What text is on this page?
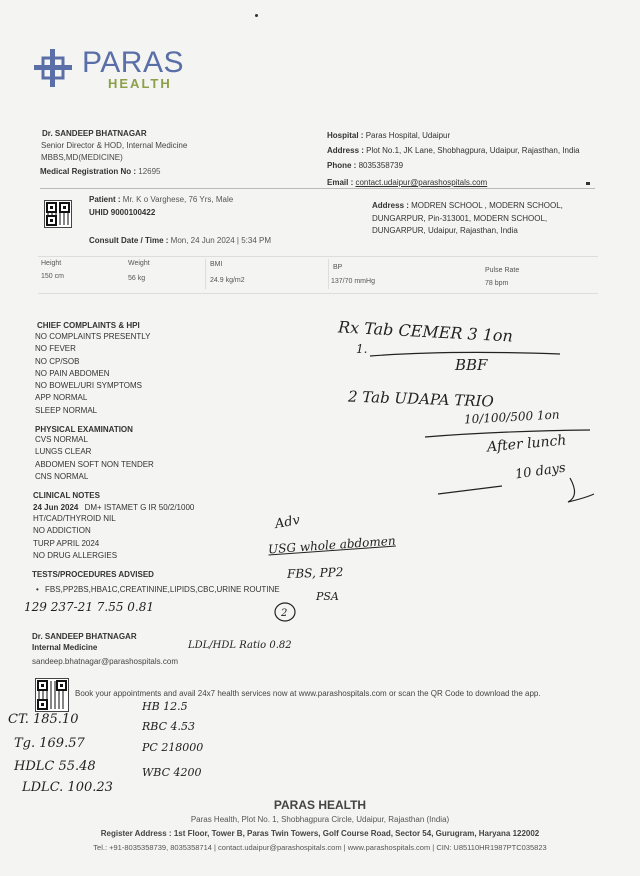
PARAS
HEALTH
Dr. SANDEEP BHATNAGAR
Senior Director & HOD, Internal Medicine
MBBS,MD(MEDICINE)
Medical Registration No : 12695
Hospital : Paras Hospital, Udaipur
Address : Plot No.1, JK Lane, Shobhagpura, Udaipur, Rajasthan, India
Phone : 8035358739
Email : contact.udaipur@parashospitals.com
Patient : Mr. K o Varghese, 76 Yrs, Male
UHID 9000100422
Consult Date / Time : Mon, 24 Jun 2024 | 5:34 PM
Address : MODREN SCHOOL , MODERN SCHOOL,
DUNGARPUR, Pin-313001, MODERN SCHOOL,
DUNGARPUR, Udaipur, Rajasthan, India
Height
150 cm
Weight
56 kg
BMI
24.9 kg/m2
BP
137/70 mmHg
Pulse Rate
78 bpm
CHIEF COMPLAINTS & HPI
NO COMPLAINTS PRESENTLY
NO FEVER
NO CP/SOB
NO PAIN ABDOMEN
NO BOWEL/URI SYMPTOMS
APP NORMAL
SLEEP NORMAL
PHYSICAL EXAMINATION
CVS NORMAL
LUNGS CLEAR
ABDOMEN SOFT NON TENDER
CNS NORMAL
CLINICAL NOTES
24 Jun 2024 DM+ ISTAMET G IR 50/2/1000
HT/CAD/THYROID NIL
NO ADDICTION
TURP APRIL 2024
NO DRUG ALLERGIES
TESTS/PROCEDURES ADVISED
• FBS,PP2BS,HBA1C,CREATININE,LIPIDS,CBC,URINE ROUTINE
Dr. SANDEEP BHATNAGAR
Internal Medicine
sandeep.bhatnagar@parashospitals.com
Book your appointments and avail 24x7 health services now at www.parashospitals.com or scan the QR Code to download the app.
PARAS HEALTH
Paras Health, Plot No. 1, Shobhagpura Circle, Udaipur, Rajasthan (India)
Register Address : 1st Floor, Tower B, Paras Twin Towers, Golf Course Road, Sector 54, Gurugram, Haryana 122002
Tel.: +91-8035358739, 8035358714 | contact.udaipur@parashospitals.com | www.parashospitals.com | CIN: U85110HR1987PTC035823
Rx Tab CEMER 3 1on
1.
BBF
2 Tab UDAPA TRIO
10/100/500 1on
After lunch
10 days
Adv
USG whole abdomen
FBS, PP2
PSA
2
129 237-21 7.55 0.81
LDL/HDL Ratio 0.82
CT. 185.10
Tg. 169.57
HDLC 55.48
LDLC. 100.23
HB 12.5
RBC 4.53
PC 218000
WBC 4200
